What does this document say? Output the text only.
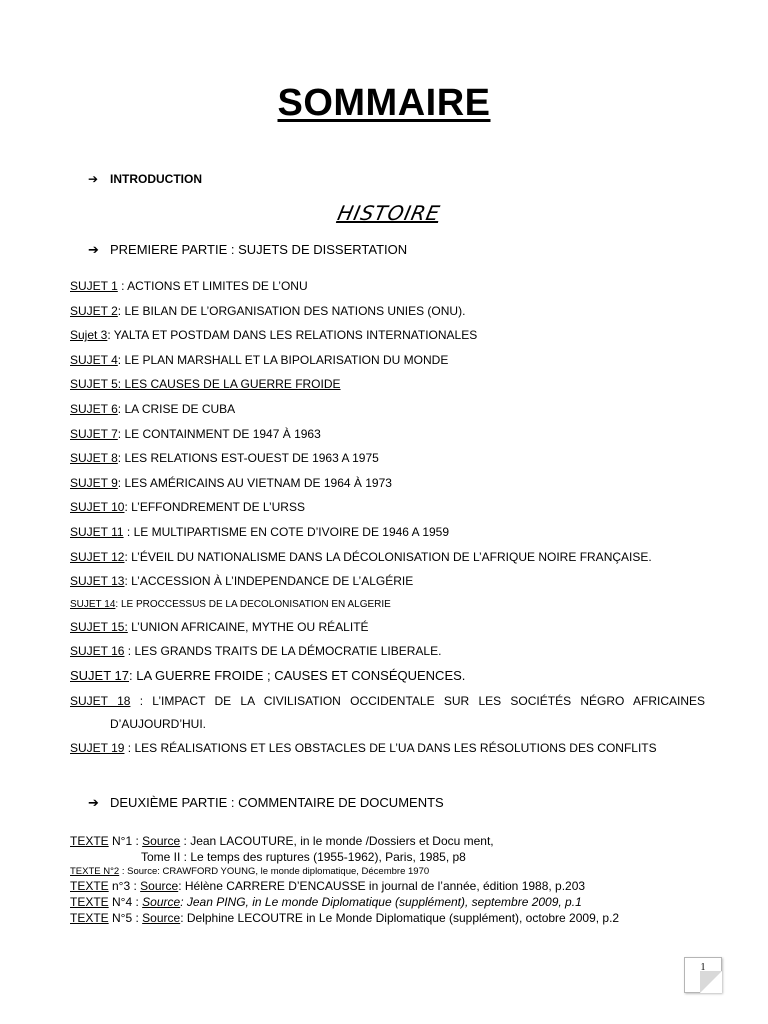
SOMMAIRE
➔ INTRODUCTION
HISTOIRE
➔ PREMIERE PARTIE : SUJETS DE DISSERTATION
SUJET 1 : ACTIONS ET LIMITES DE L’ONU
SUJET 2: LE BILAN DE L’ORGANISATION DES NATIONS UNIES (ONU).
Sujet 3: YALTA ET POSTDAM DANS LES RELATIONS INTERNATIONALES
SUJET 4: LE PLAN MARSHALL ET LA BIPOLARISATION DU MONDE
SUJET 5: LES CAUSES DE LA GUERRE FROIDE
SUJET 6: LA CRISE DE CUBA
SUJET 7: LE CONTAINMENT DE 1947 À 1963
SUJET 8: LES RELATIONS EST-OUEST DE 1963 A 1975
SUJET 9: LES AMÉRICAINS AU VIETNAM DE 1964 À 1973
SUJET 10: L’EFFONDREMENT DE L’URSS
SUJET 11 : LE MULTIPARTISME EN COTE D’IVOIRE DE 1946 A 1959
SUJET 12: L’ÉVEIL DU NATIONALISME DANS LA DÉCOLONISATION DE L’AFRIQUE NOIRE FRANÇAISE.
SUJET 13: L’ACCESSION À L’INDEPENDANCE DE L’ALGÉRIE
SUJET 14: LE PROCCESSUS DE LA DECOLONISATION EN ALGERIE
SUJET 15: L’UNION AFRICAINE, MYTHE OU RÉALITÉ
SUJET 16 : LES GRANDS TRAITS DE LA DÉMOCRATIE LIBERALE.
SUJET 17: LA GUERRE FROIDE ; CAUSES ET CONSÉQUENCES.
SUJET 18 : L’IMPACT DE LA CIVILISATION OCCIDENTALE SUR LES SOCIÉTÉS NÉGRO AFRICAINES
D’AUJOURD’HUI.
SUJET 19 : LES RÉALISATIONS ET LES OBSTACLES DE L’UA DANS LES RÉSOLUTIONS DES CONFLITS
➔ DEUXIÈME PARTIE : COMMENTAIRE DE DOCUMENTS
TEXTE N°1 : Source : Jean LACOUTURE, in le monde /Dossiers et Docu ment,
Tome II : Le temps des ruptures (1955-1962), Paris, 1985, p8
TEXTE N°2 : Source: CRAWFORD YOUNG, le monde diplomatique, Décembre 1970
TEXTE n°3 : Source: Hélène CARRERE D’ENCAUSSE in journal de l’année, édition 1988, p.203
TEXTE N°4 : Source: Jean PING, in Le monde Diplomatique (supplément), septembre 2009, p.1
TEXTE N°5 : Source: Delphine LECOUTRE in Le Monde Diplomatique (supplément), octobre 2009, p.2
1
